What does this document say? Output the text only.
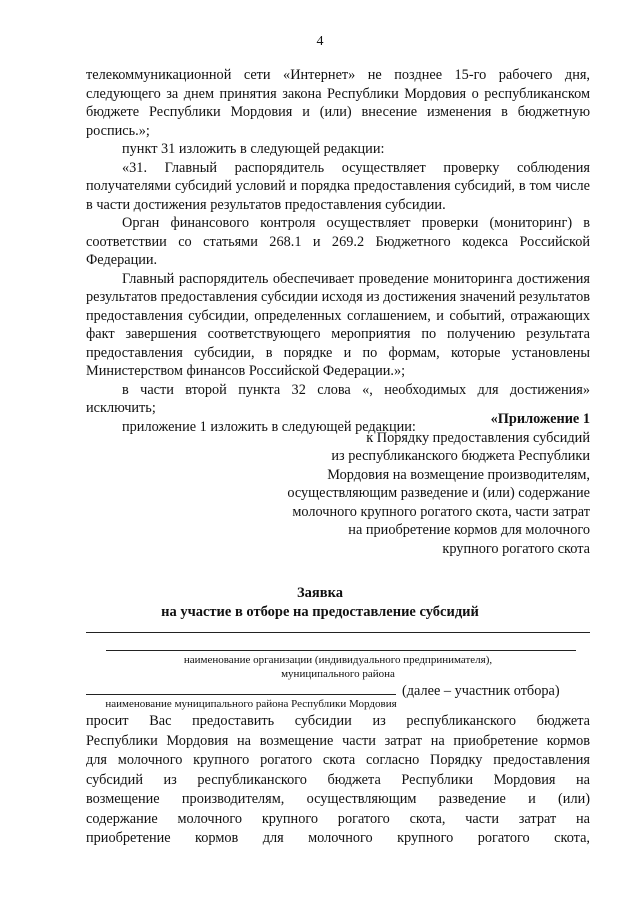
4

телекоммуникационной сети «Интернет» не позднее 15-го рабочего дня, следующего за днем принятия закона Республики Мордовия о республиканском бюджете Республики Мордовия и (или) внесение изменения в бюджетную роспись.»;

пункт 31 изложить в следующей редакции:

«31. Главный распорядитель осуществляет проверку соблюдения получателями субсидий условий и порядка предоставления субсидий, в том числе в части достижения результатов предоставления субсидии.

Орган финансового контроля осуществляет проверки (мониторинг) в соответствии со статьями 268.1 и 269.2 Бюджетного кодекса Российской Федерации.

Главный распорядитель обеспечивает проведение мониторинга достижения результатов предоставления субсидии исходя из достижения значений результатов предоставления субсидии, определенных соглашением, и событий, отражающих факт завершения соответствующего мероприятия по получению результата предоставления субсидии, в порядке и по формам, которые установлены Министерством финансов Российской Федерации.»;

в части второй пункта 32 слова «, необходимых для достижения» исключить;

приложение 1 изложить в следующей редакции:	«Приложение 1
к Порядку предоставления субсидий
из республиканского бюджета Республики
Мордовия на возмещение производителям,
осуществляющим разведение и (или) содержание
молочного крупного рогатого скота, части затрат
на приобретение кормов для молочного
крупного рогатого скота
Заявка
на участие в отборе на предоставление субсидий
наименование организации (индивидуального предпринимателя),
муниципального района
(далее – участник отбора)
наименование муниципального района Республики Мордовия

просит Вас предоставить субсидии из республиканского бюджета

Республики Мордовия на возмещение части затрат на приобретение кормов

для молочного крупного рогатого скота согласно Порядку предоставления

субсидий из республиканского бюджета Республики Мордовия на

возмещение производителям, осуществляющим разведение и (или)

содержание молочного крупного рогатого скота, части затрат на

приобретение кормов для молочного крупного рогатого скота,
